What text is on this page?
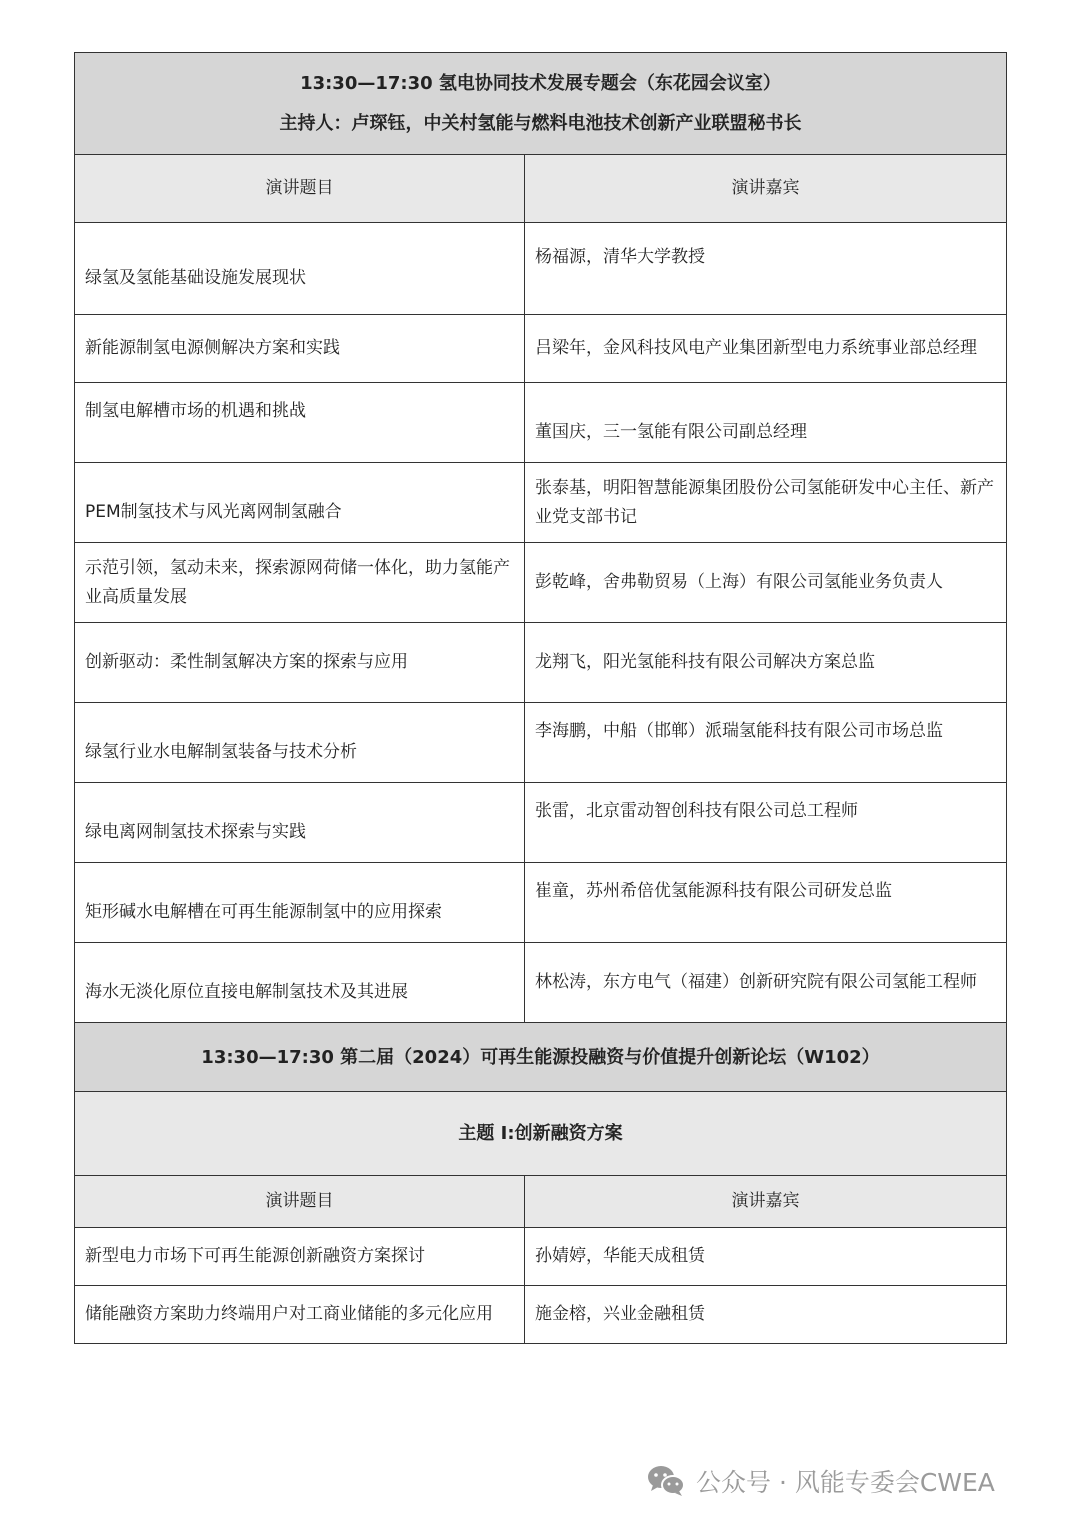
13:30—17:30 氢电协同技术发展专题会（东花园会议室）
主持人：卢琛钰，中关村氢能与燃料电池技术创新产业联盟秘书长	

演讲题目	演讲嘉宾
绿氢及氢能基础设施发展现状	杨福源，清华大学教授
新能源制氢电源侧解决方案和实践	吕梁年，金风科技风电产业集团新型电力系统事业部总经理
制氢电解槽市场的机遇和挑战	董国庆，三一氢能有限公司副总经理
PEM制氢技术与风光离网制氢融合	张泰基，明阳智慧能源集团股份公司氢能研发中心主任、新产业党支部书记
示范引领，氢动未来，探索源网荷储一体化，助力氢能产业高质量发展	彭乾峰，舍弗勒贸易（上海）有限公司氢能业务负责人
创新驱动：柔性制氢解决方案的探索与应用	龙翔飞，阳光氢能科技有限公司解决方案总监
绿氢行业水电解制氢装备与技术分析	李海鹏，中船（邯郸）派瑞氢能科技有限公司市场总监
绿电离网制氢技术探索与实践	张雷，北京雷动智创科技有限公司总工程师
矩形碱水电解槽在可再生能源制氢中的应用探索	崔童，苏州希倍优氢能源科技有限公司研发总监
海水无淡化原位直接电解制氢技术及其进展	林松涛，东方电气（福建）创新研究院有限公司氢能工程师
13:30—17:30 第二届（2024）可再生能源投融资与价值提升创新论坛（W102）	
主题 I:创新融资方案	
演讲题目	演讲嘉宾
新型电力市场下可再生能源创新融资方案探讨	孙婧婷，华能天成租赁
储能融资方案助力终端用户对工商业储能的多元化应用	施金榕，兴业金融租赁
公众号 · 风能专委会CWEA
